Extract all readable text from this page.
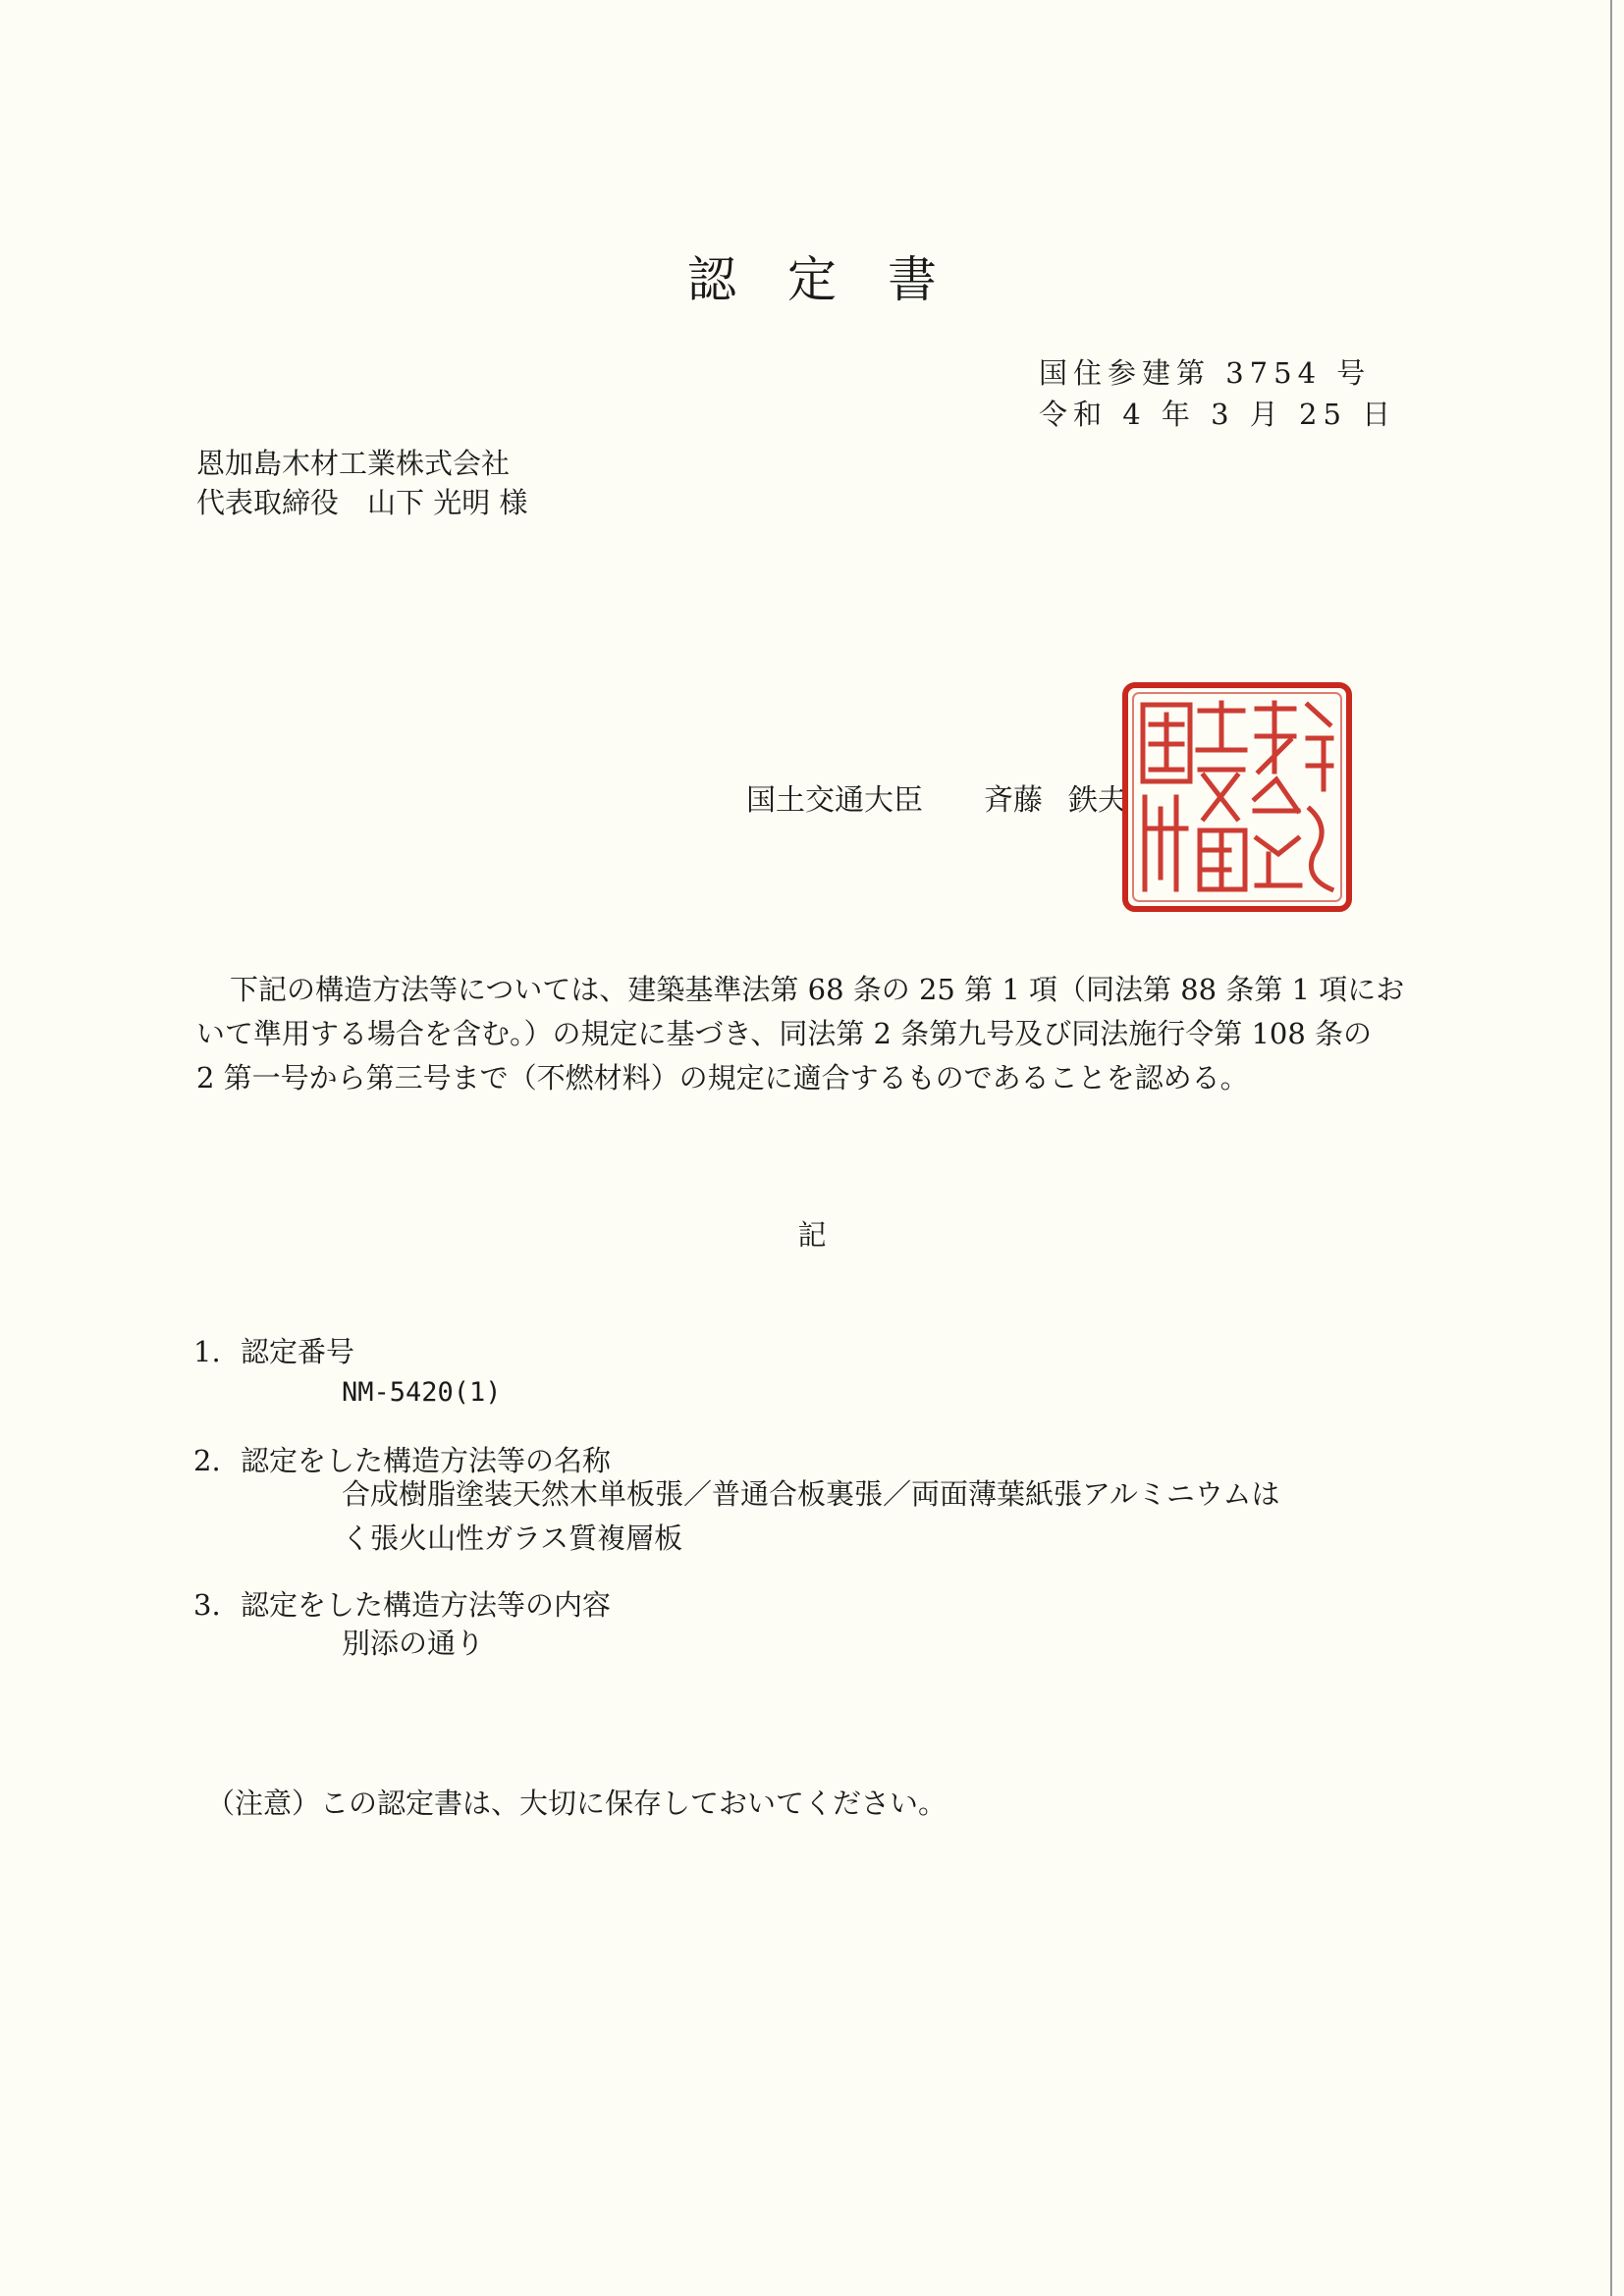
認定書
国住参建第 3754 号
令和 4 年 3 月 25 日
恩加島木材工業株式会社
代表取締役　山下 光明 様
国土交通大臣 斉藤 鉄夫

下記の構造方法等については、建築基準法第 68 条の 25 第 1 項（同法第 88 条第 1 項にお

いて準用する場合を含む。）の規定に基づき、同法第 2 条第九号及び同法施行令第 108 条の

2 第一号から第三号まで（不燃材料）の規定に適合するものであることを認める。

記
1. 認定番号
NM-5420(1)
2. 認定をした構造方法等の名称
合成樹脂塗装天然木単板張／普通合板裏張／両面薄葉紙張アルミニウムは
く張火山性ガラス質複層板
3. 認定をした構造方法等の内容
別添の通り
（注意）この認定書は、大切に保存しておいてください。
